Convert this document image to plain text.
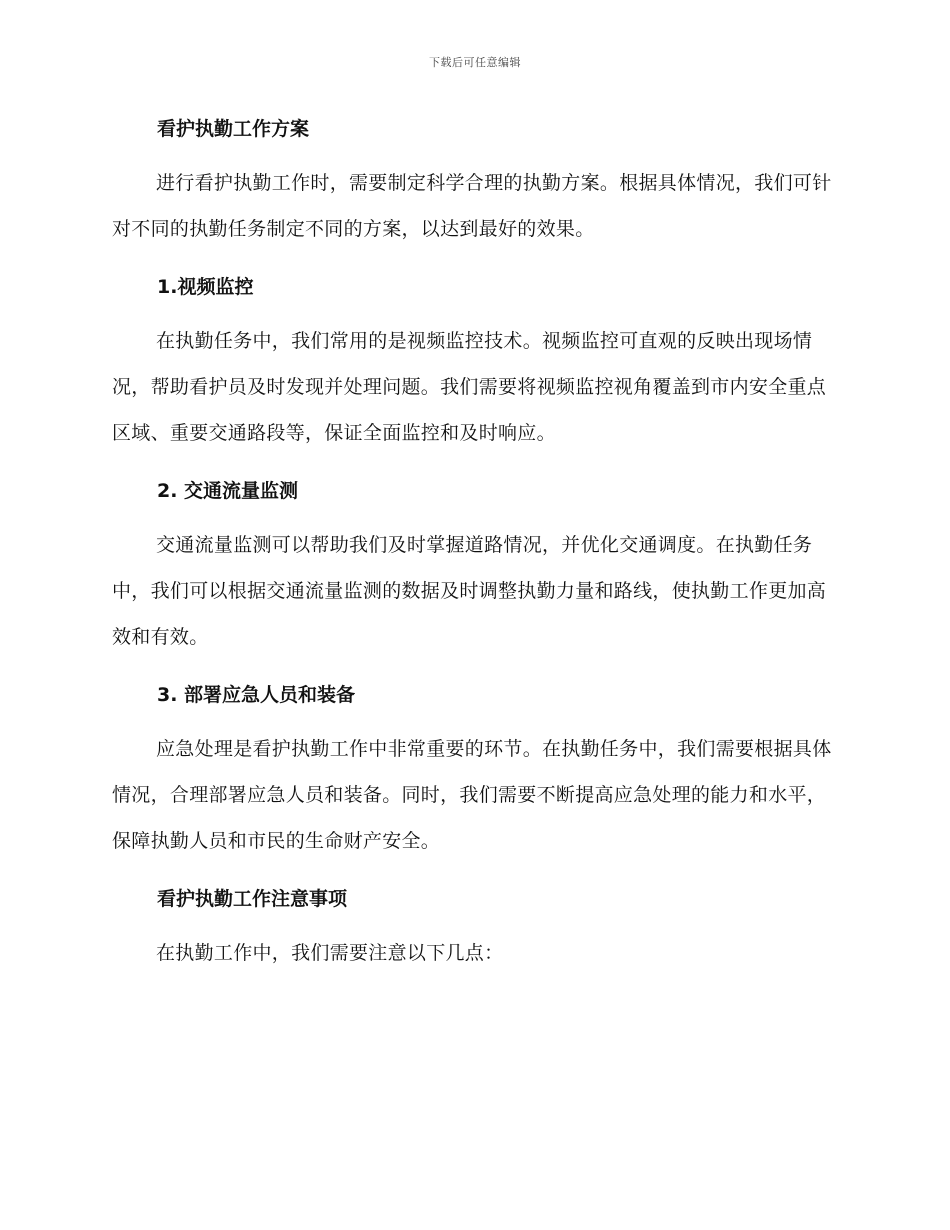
下载后可任意编辑
看护执勤工作方案

进行看护执勤工作时，需要制定科学合理的执勤方案。根据具体情况，我们可针对不同的执勤任务制定不同的方案，以达到最好的效果。

1.视频监控

在执勤任务中，我们常用的是视频监控技术。视频监控可直观的反映出现场情况，帮助看护员及时发现并处理问题。我们需要将视频监控视角覆盖到市内安全重点区域、重要交通路段等，保证全面监控和及时响应。

2. 交通流量监测

交通流量监测可以帮助我们及时掌握道路情况，并优化交通调度。在执勤任务中，我们可以根据交通流量监测的数据及时调整执勤力量和路线，使执勤工作更加高效和有效。

3. 部署应急人员和装备

应急处理是看护执勤工作中非常重要的环节。在执勤任务中，我们需要根据具体情况，合理部署应急人员和装备。同时，我们需要不断提高应急处理的能力和水平，保障执勤人员和市民的生命财产安全。

看护执勤工作注意事项

在执勤工作中，我们需要注意以下几点：
